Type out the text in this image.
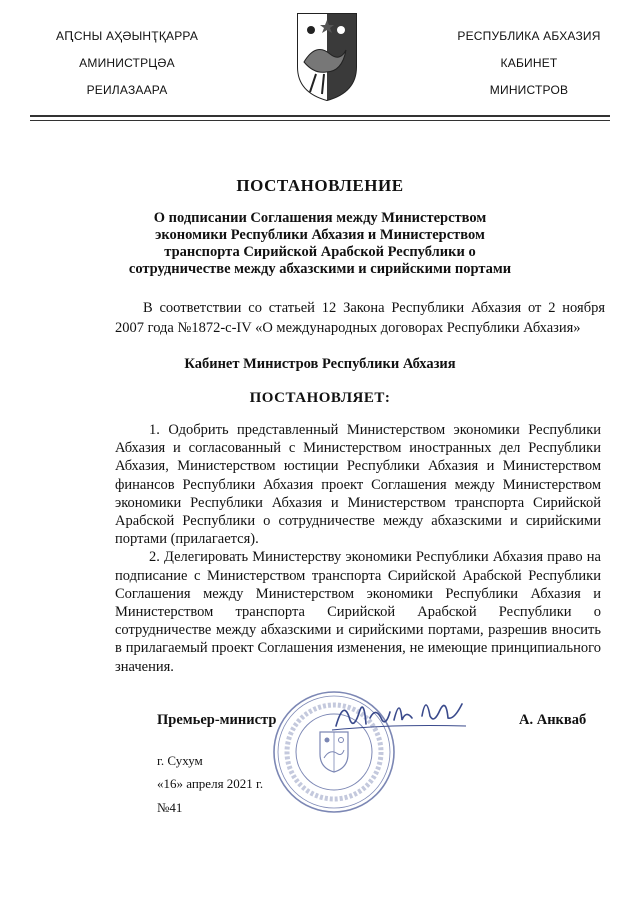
АԤСНЫ АҲӘЫНҬҚАРРА
АМИНИСТРЦӘА
РЕИЛАЗААРА
РЕСПУБЛИКА АБХАЗИЯ
КАБИНЕТ
МИНИСТРОВ
ПОСТАНОВЛЕНИЕ
О подписании Соглашения между Министерством экономики Республики Абхазия и Министерством транспорта Сирийской Арабской Республики о сотрудничестве между абхазскими и сирийскими портами

В соответствии со статьей 12 Закона Республики Абхазия от 2 ноября 2007 года №1872-с-IV «О международных договорах Республики Абхазия»

Кабинет Министров Республики Абхазия
ПОСТАНОВЛЯЕТ:

1. Одобрить представленный Министерством экономики Республики Абхазия и согласованный с Министерством иностранных дел Республики Абхазия, Министерством юстиции Республики Абхазия и Министерством финансов Республики Абхазия проект Соглашения между Министерством экономики Республики Абхазия и Министерством транспорта Сирийской Арабской Республики о сотрудничестве между абхазскими и сирийскими портами (прилагается).

2. Делегировать Министерству экономики Республики Абхазия право на подписание с Министерством транспорта Сирийской Арабской Республики Соглашения между Министерством экономики Республики Абхазия и Министерством транспорта Сирийской Арабской Республики о сотрудничестве между абхазскими и сирийскими портами, разрешив вносить в прилагаемый проект Соглашения изменения, не имеющие принципиального значения.

Премьер-министр	А. Анкваб
г. Сухум
«16» апреля 2021 г.
№41
